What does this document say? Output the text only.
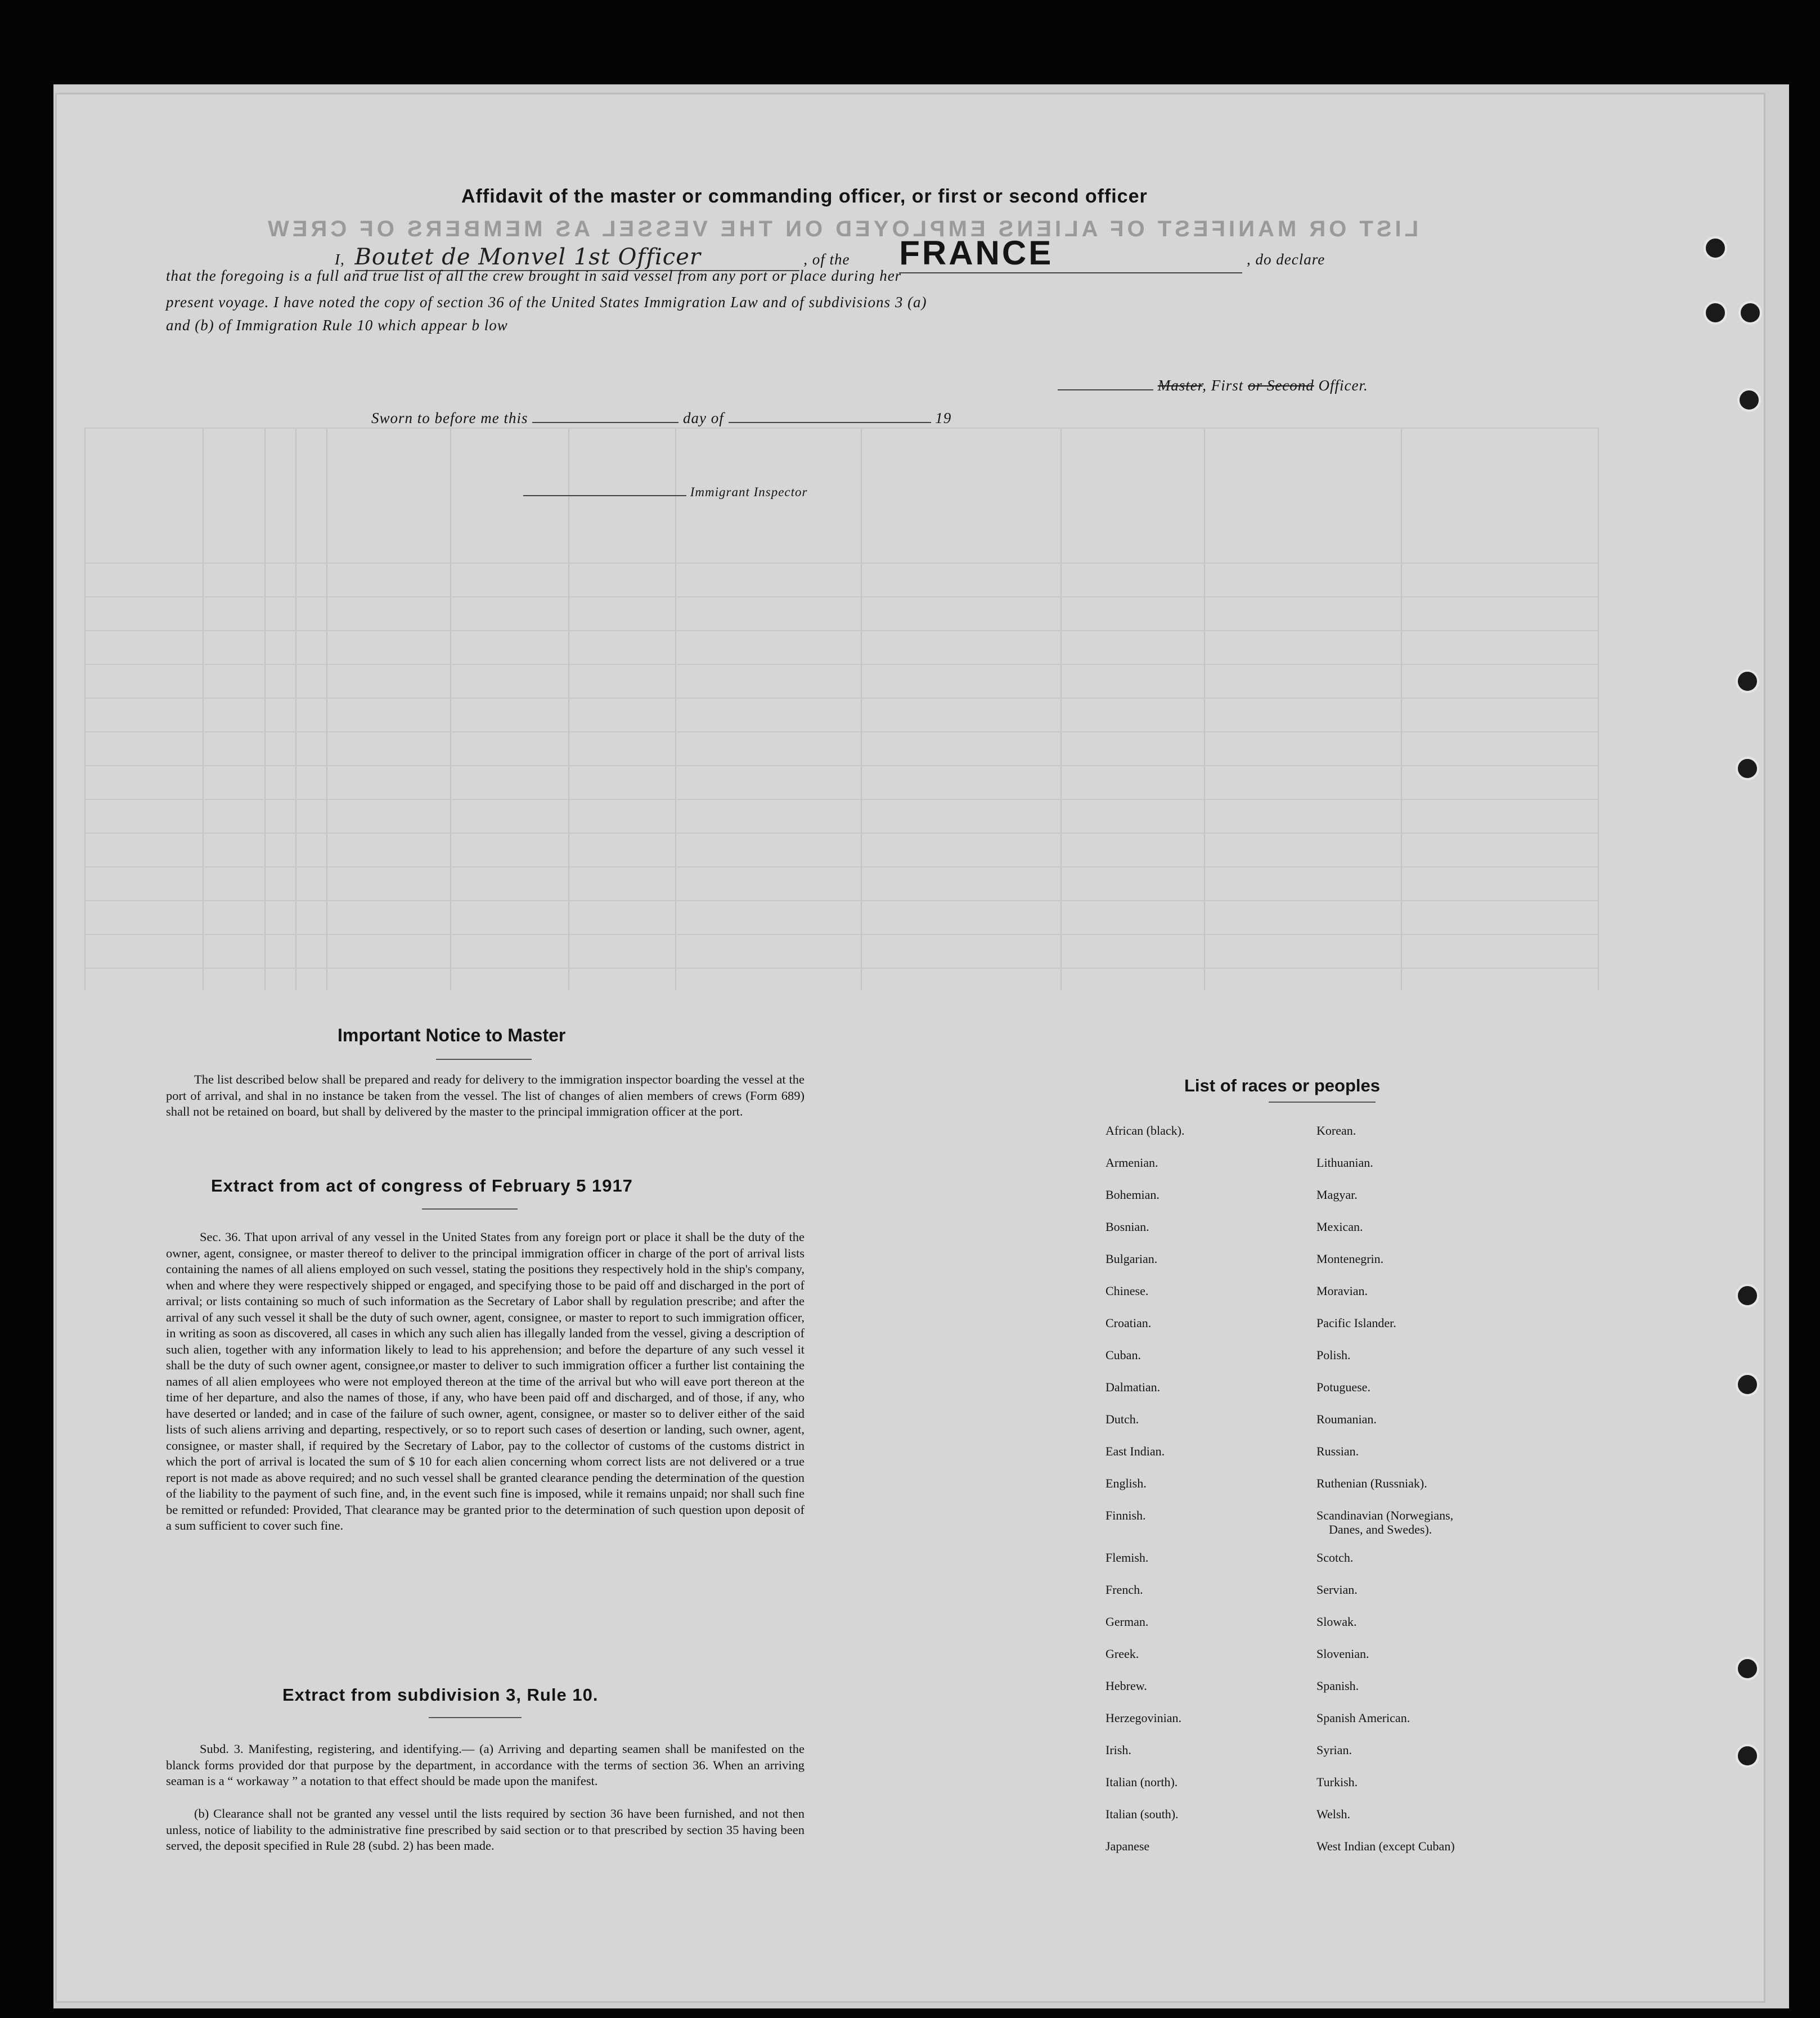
LIST OR MANIFEST OF ALIENS EMPLOYED ON THE VESSEL AS MEMBERS OF CREW
Affidavit of the master or commanding officer, or first or second officer
I, Boutet de Monvel 1st Officer	, of the FRANCE	, do declare
that the foregoing is a full and true list of all the crew brought in said vessel from any port or place during her
present voyage. I have noted the copy of section 36 of the United States Immigration Law and of subdivisions 3 (a)
and (b) of Immigration Rule 10 which appear b low
Master, First or Second Officer.
Sworn to before me this	day of	19
Immigrant Inspector
Important Notice to Master
The list described below shall be prepared and ready for delivery to the immigration inspector boarding the vessel at the port of arrival, and shal in no instance be taken from the vessel. The list of changes of alien members of crews (Form 689) shall not be retained on board, but shall by delivered by the master to the principal immigration officer at the port.
Extract from act of congress of February 5 1917
Sec. 36. That upon arrival of any vessel in the United States from any foreign port or place it shall be the duty of the owner, agent, consignee, or master thereof to deliver to the principal immigration officer in charge of the port of arrival lists containing the names of all aliens employed on such vessel, stating the positions they respectively hold in the ship's company, when and where they were respectively shipped or engaged, and specifying those to be paid off and discharged in the port of arrival; or lists containing so much of such information as the Secretary of Labor shall by regulation prescribe; and after the arrival of any such vessel it shall be the duty of such owner, agent, consignee, or master to report to such immigration officer, in writing as soon as discovered, all cases in which any such alien has illegally landed from the vessel, giving a description of such alien, together with any information likely to lead to his apprehension; and before the departure of any such vessel it shall be the duty of such owner agent, consignee,or master to deliver to such immigration officer a further list containing the names of all alien employees who were not employed thereon at the time of the arrival but who will eave port thereon at the time of her departure, and also the names of those, if any, who have been paid off and discharged, and of those, if any, who have deserted or landed; and in case of the failure of such owner, agent, consignee, or master so to deliver either of the said lists of such aliens arriving and departing, respectively, or so to report such cases of desertion or landing, such owner, agent, consignee, or master shall, if required by the Secretary of Labor, pay to the collector of customs of the customs district in which the port of arrival is located the sum of $ 10 for each alien concerning whom correct lists are not delivered or a true report is not made as above required; and no such vessel shall be granted clearance pending the determination of the question of the liability to the payment of such fine, and, in the event such fine is imposed, while it remains unpaid; nor shall such fine be remitted or refunded: Provided, That clearance may be granted prior to the determination of such question upon deposit of a sum sufficient to cover such fine.
Extract from subdivision 3, Rule 10.
Subd. 3. Manifesting, registering, and identifying.— (a) Arriving and departing seamen shall be manifested on the blanck forms provided dor that purpose by the department, in accordance with the terms of section 36. When an arriving seaman is a “ workaway ” a notation to that effect should be made upon the manifest.
(b) Clearance shall not be granted any vessel until the lists required by section 36 have been furnished, and not then unless, notice of liability to the administrative fine prescribed by said section or to that prescribed by section 35 having been served, the deposit specified in Rule 28 (subd. 2) has been made.
List of races or peoples
African (black).
Armenian.
Bohemian.
Bosnian.
Bulgarian.
Chinese.
Croatian.
Cuban.
Dalmatian.
Dutch.
East Indian.
English.
Finnish.
Flemish.
French.
German.
Greek.
Hebrew.
Herzegovinian.
Irish.
Italian (north).
Italian (south).
Japanese
Korean.
Lithuanian.
Magyar.
Mexican.
Montenegrin.
Moravian.
Pacific Islander.
Polish.
Potuguese.
Roumanian.
Russian.
Ruthenian (Russniak).
Scandinavian (Norwegians,
Danes, and Swedes).
Scotch.
Servian.
Slowak.
Slovenian.
Spanish.
Spanish American.
Syrian.
Turkish.
Welsh.
West Indian (except Cuban)
